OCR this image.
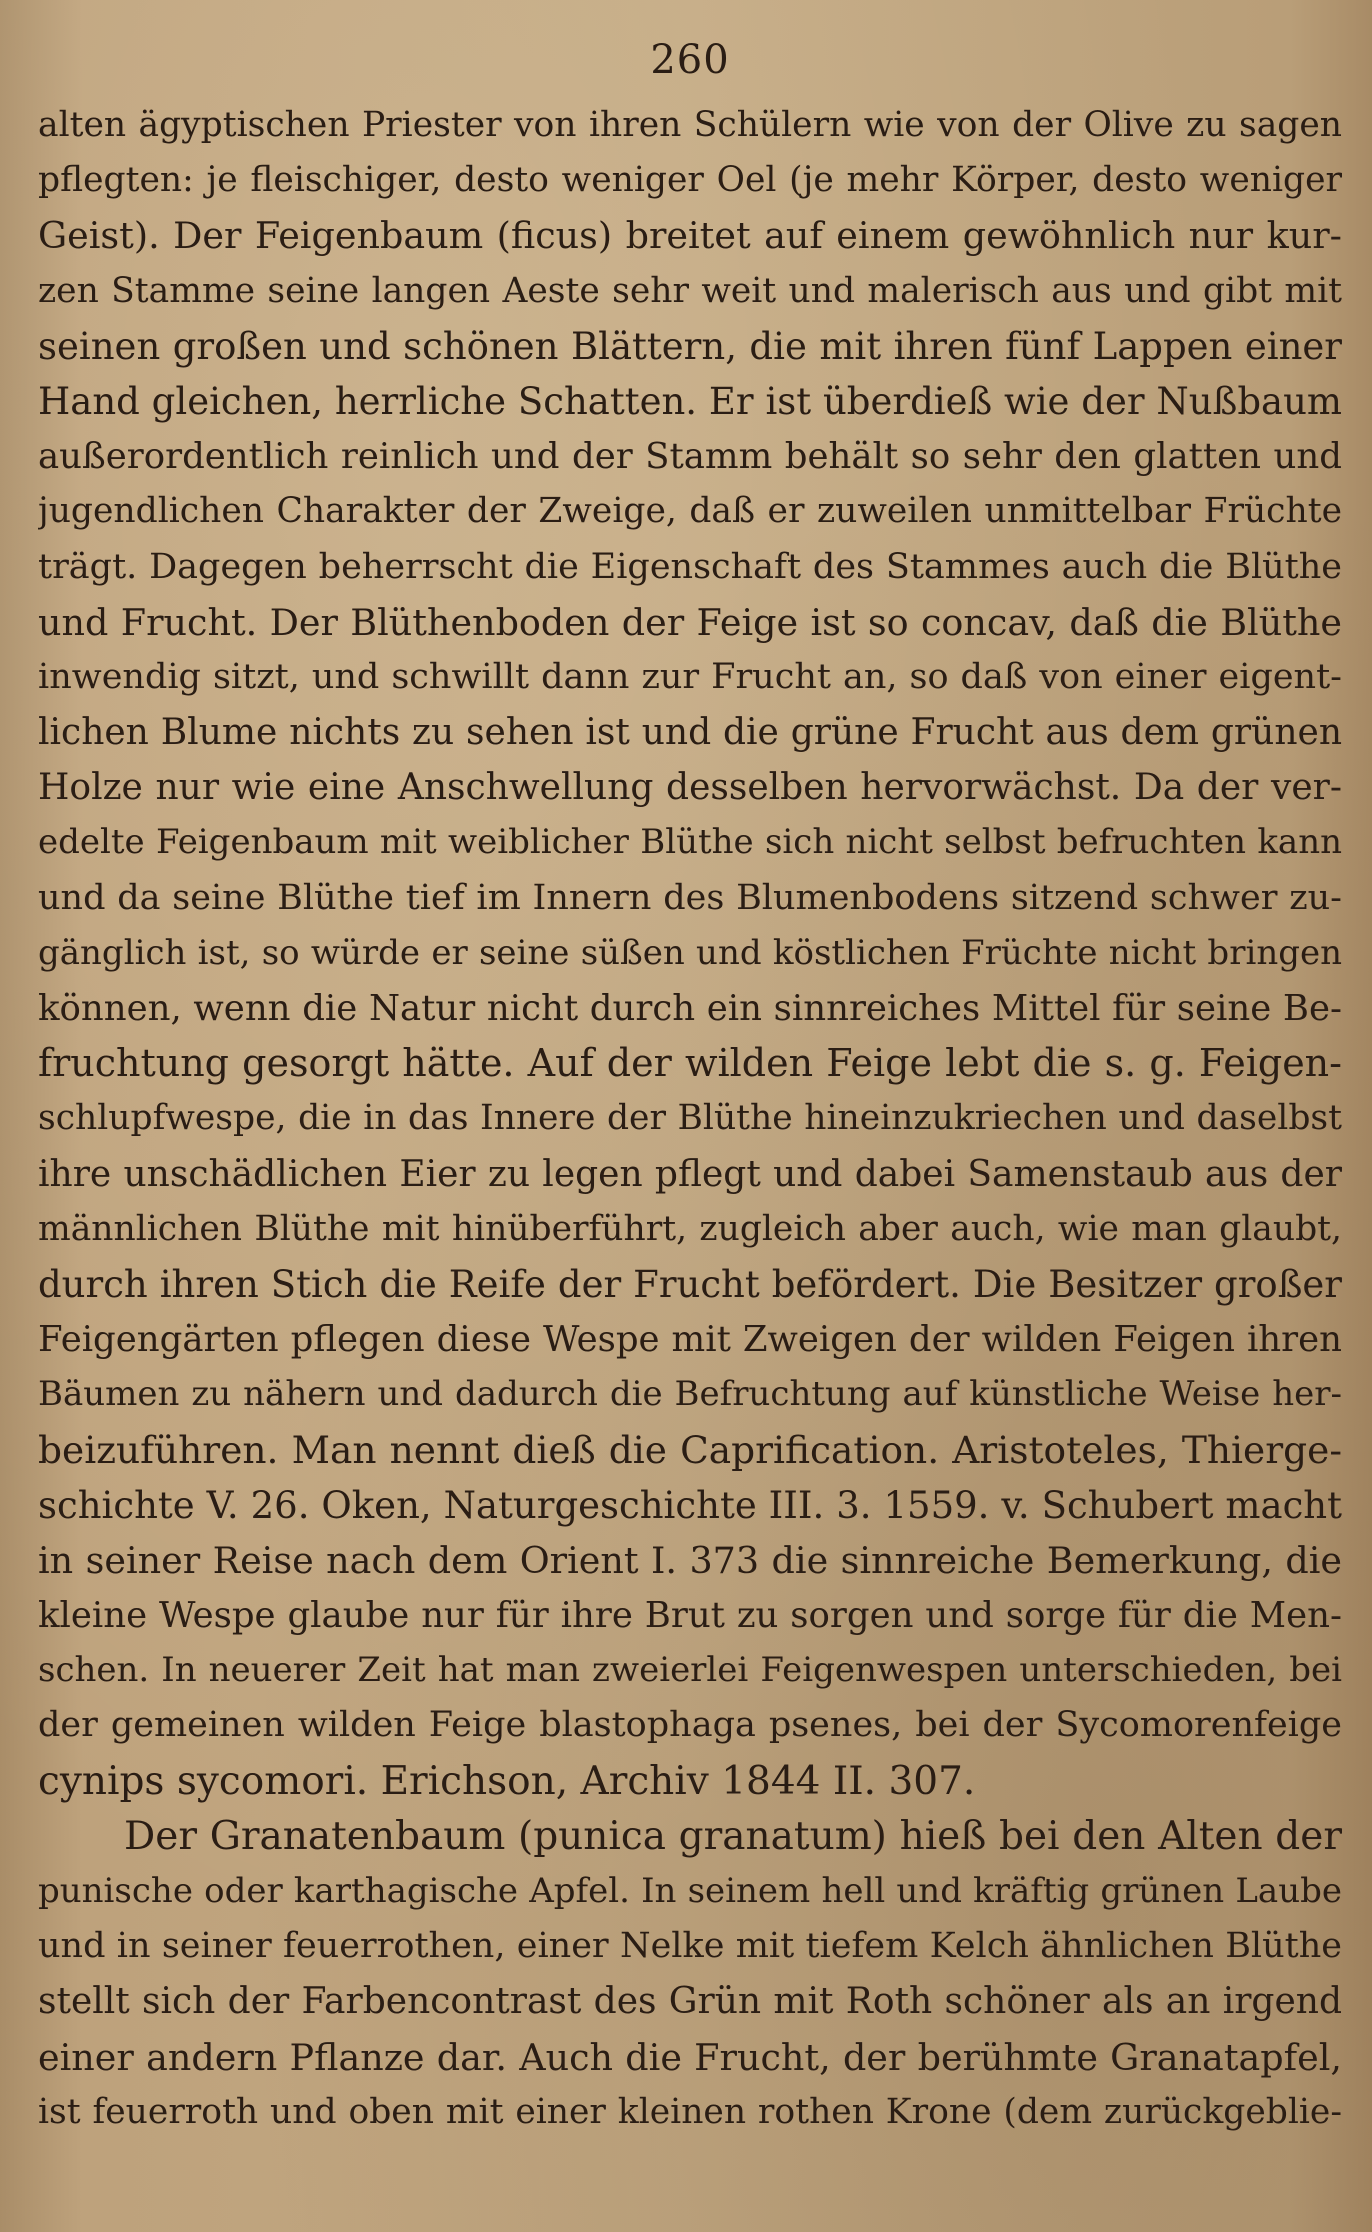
260
alten ägyptischen Priester von ihren Schülern wie von der Olive zu sagen
pflegten: je fleischiger, desto weniger Oel (je mehr Körper, desto weniger
Geist). Der Feigenbaum (ficus) breitet auf einem gewöhnlich nur kur-
zen Stamme seine langen Aeste sehr weit und malerisch aus und gibt mit
seinen großen und schönen Blättern, die mit ihren fünf Lappen einer
Hand gleichen, herrliche Schatten. Er ist überdieß wie der Nußbaum
außerordentlich reinlich und der Stamm behält so sehr den glatten und
jugendlichen Charakter der Zweige, daß er zuweilen unmittelbar Früchte
trägt. Dagegen beherrscht die Eigenschaft des Stammes auch die Blüthe
und Frucht. Der Blüthenboden der Feige ist so concav, daß die Blüthe
inwendig sitzt, und schwillt dann zur Frucht an, so daß von einer eigent-
lichen Blume nichts zu sehen ist und die grüne Frucht aus dem grünen
Holze nur wie eine Anschwellung desselben hervorwächst. Da der ver-
edelte Feigenbaum mit weiblicher Blüthe sich nicht selbst befruchten kann
und da seine Blüthe tief im Innern des Blumenbodens sitzend schwer zu-
gänglich ist, so würde er seine süßen und köstlichen Früchte nicht bringen
können, wenn die Natur nicht durch ein sinnreiches Mittel für seine Be-
fruchtung gesorgt hätte. Auf der wilden Feige lebt die s. g. Feigen-
schlupfwespe, die in das Innere der Blüthe hineinzukriechen und daselbst
ihre unschädlichen Eier zu legen pflegt und dabei Samenstaub aus der
männlichen Blüthe mit hinüberführt, zugleich aber auch, wie man glaubt,
durch ihren Stich die Reife der Frucht befördert. Die Besitzer großer
Feigengärten pflegen diese Wespe mit Zweigen der wilden Feigen ihren
Bäumen zu nähern und dadurch die Befruchtung auf künstliche Weise her-
beizuführen. Man nennt dieß die Caprification. Aristoteles, Thierge-
schichte V. 26. Oken, Naturgeschichte III. 3. 1559. v. Schubert macht
in seiner Reise nach dem Orient I. 373 die sinnreiche Bemerkung, die
kleine Wespe glaube nur für ihre Brut zu sorgen und sorge für die Men-
schen. In neuerer Zeit hat man zweierlei Feigenwespen unterschieden, bei
der gemeinen wilden Feige blastophaga psenes, bei der Sycomorenfeige
cynips sycomori. Erichson, Archiv 1844 II. 307.
Der Granatenbaum (punica granatum) hieß bei den Alten der
punische oder karthagische Apfel. In seinem hell und kräftig grünen Laube
und in seiner feuerrothen, einer Nelke mit tiefem Kelch ähnlichen Blüthe
stellt sich der Farbencontrast des Grün mit Roth schöner als an irgend
einer andern Pflanze dar. Auch die Frucht, der berühmte Granatapfel,
ist feuerroth und oben mit einer kleinen rothen Krone (dem zurückgeblie-
